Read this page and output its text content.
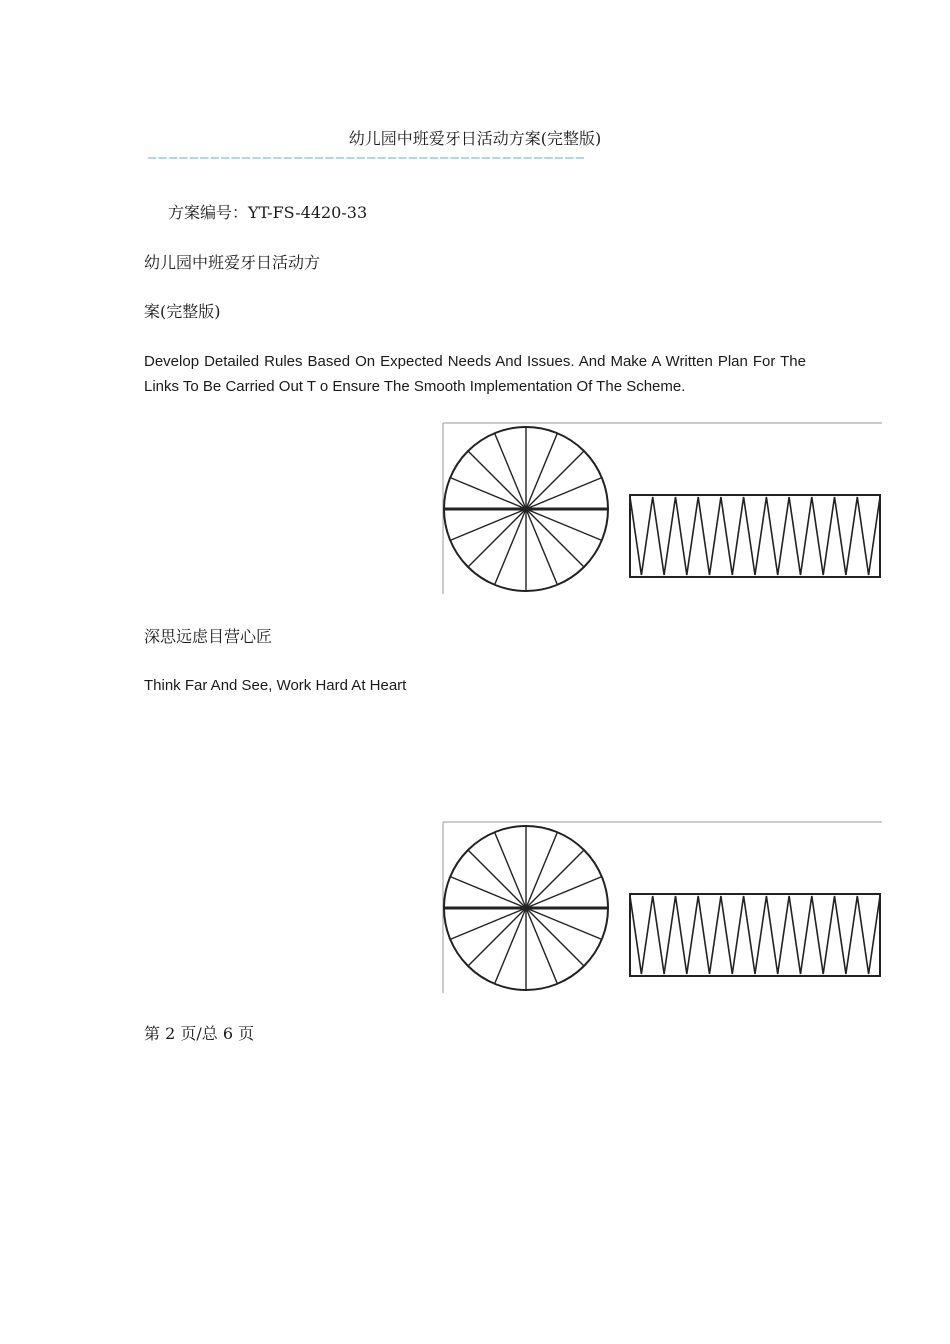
幼儿园中班爱牙日活动方案(完整版)
——————————————————————————————————————————
方案编号：YT-FS-4420-33
幼儿园中班爱牙日活动方
案(完整版)
Develop Detailed Rules Based On Expected Needs And Issues. And Make A Written Plan For The Links To Be Carried Out T o Ensure The Smooth Implementation Of The Scheme.
深思远虑目营心匠
Think Far And See, Work Hard At Heart
第 2 页/总 6 页
